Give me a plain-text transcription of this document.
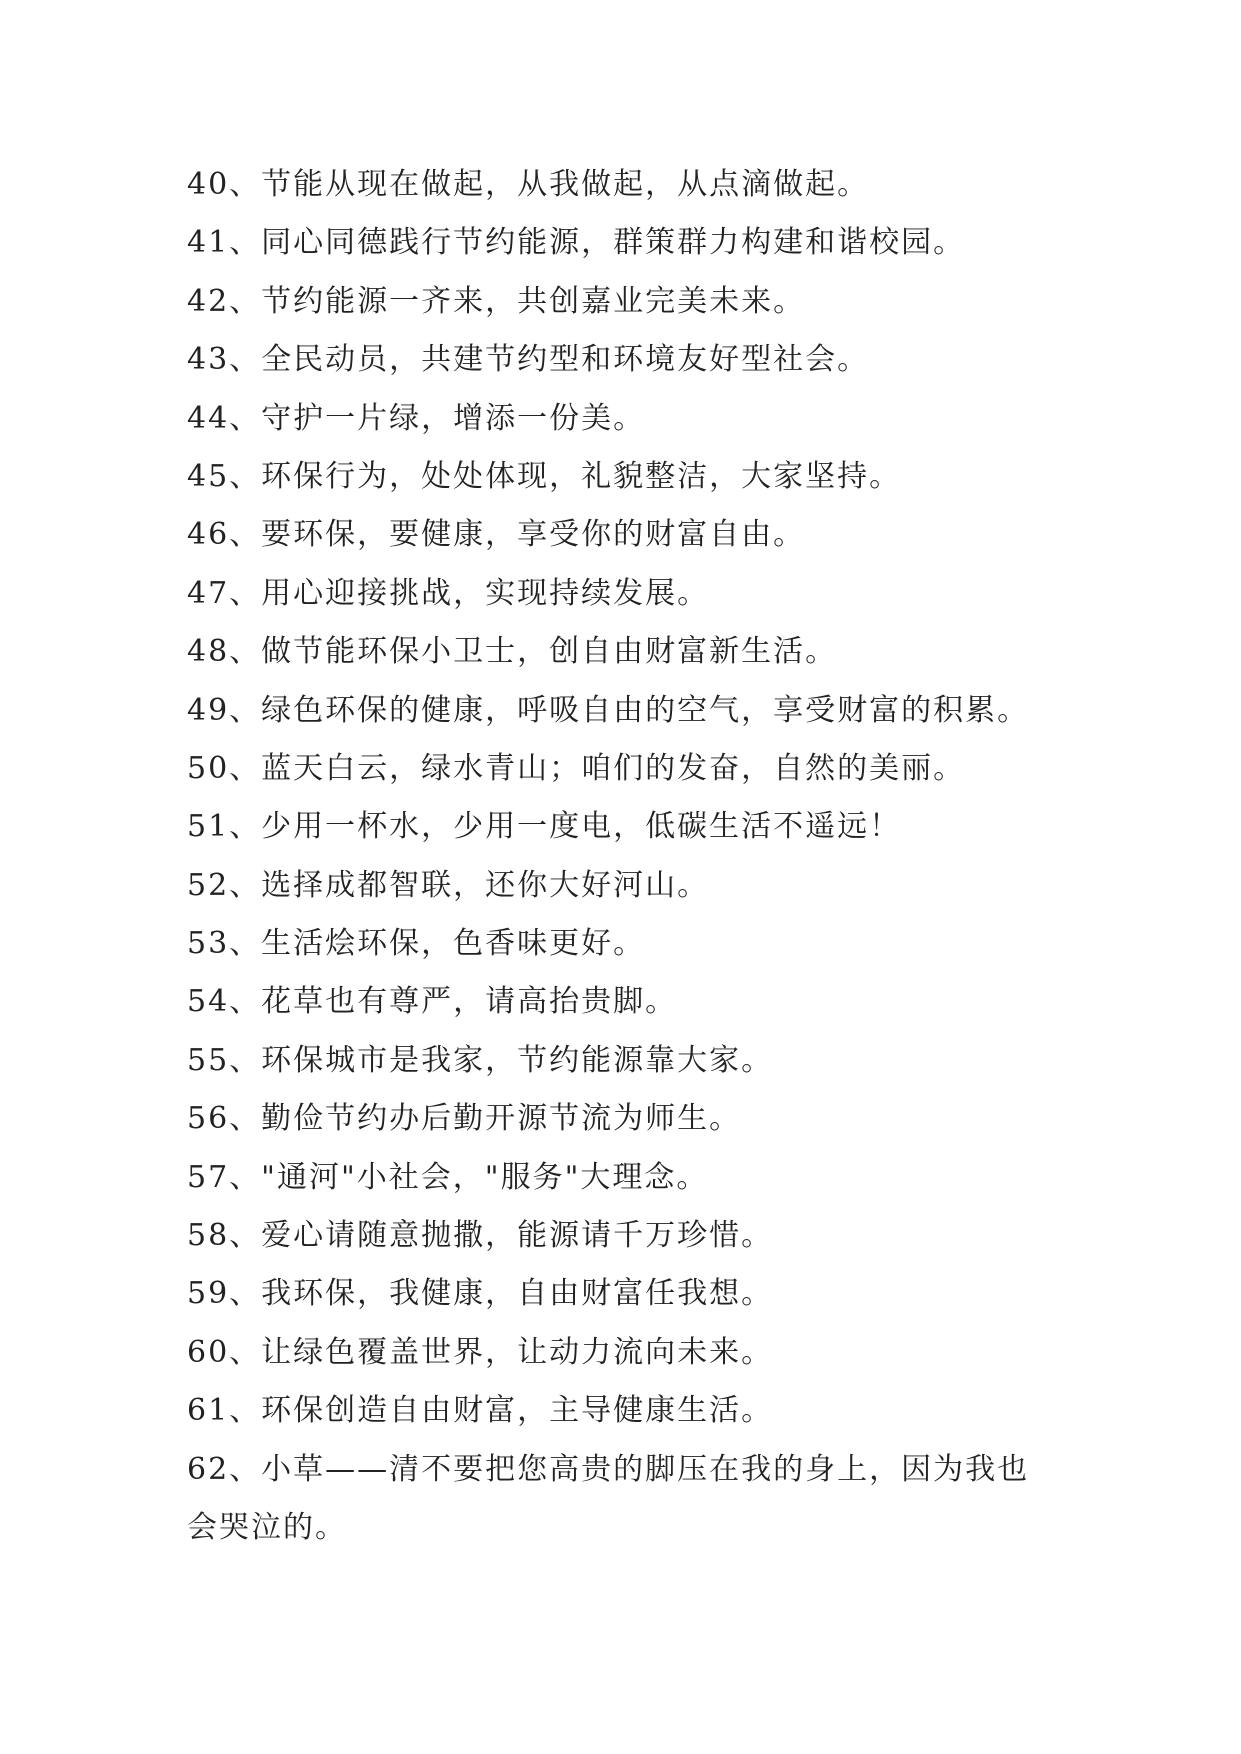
40、节能从现在做起，从我做起，从点滴做起。
41、同心同德践行节约能源，群策群力构建和谐校园。
42、节约能源一齐来，共创嘉业完美未来。
43、全民动员，共建节约型和环境友好型社会。
44、守护一片绿，增添一份美。
45、环保行为，处处体现，礼貌整洁，大家坚持。
46、要环保，要健康，享受你的财富自由。
47、用心迎接挑战，实现持续发展。
48、做节能环保小卫士，创自由财富新生活。
49、绿色环保的健康，呼吸自由的空气，享受财富的积累。
50、蓝天白云，绿水青山；咱们的发奋，自然的美丽。
51、少用一杯水，少用一度电，低碳生活不遥远！
52、选择成都智联，还你大好河山。
53、生活烩环保，色香味更好。
54、花草也有尊严，请高抬贵脚。
55、环保城市是我家，节约能源靠大家。
56、勤俭节约办后勤开源节流为师生。
57、"通河"小社会，"服务"大理念。
58、爱心请随意抛撒，能源请千万珍惜。
59、我环保，我健康，自由财富任我想。
60、让绿色覆盖世界，让动力流向未来。
61、环保创造自由财富，主导健康生活。
62、小草——清不要把您高贵的脚压在我的身上，因为我也
会哭泣的。
